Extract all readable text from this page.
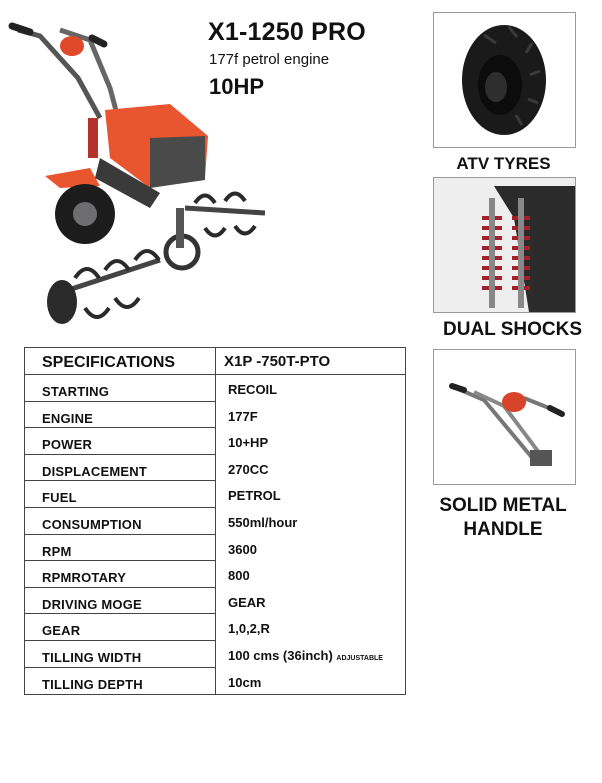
X1-1250 PRO
177f petrol engine
10HP
ATV TYRES
DUAL SHOCKS
SOLID METAL HANDLE
SPECIFICATIONS	X1P -750T-PTO
STARTING	RECOIL
ENGINE	177F
POWER	10+HP
DISPLACEMENT	270CC
FUEL	PETROL
CONSUMPTION	550ml/hour
RPM	3600
RPMROTARY	800
DRIVING MOGE	GEAR
GEAR	1,0,2,R
TILLING WIDTH	100 cms (36inch) ADJUSTABLE
TILLING DEPTH	10cm
